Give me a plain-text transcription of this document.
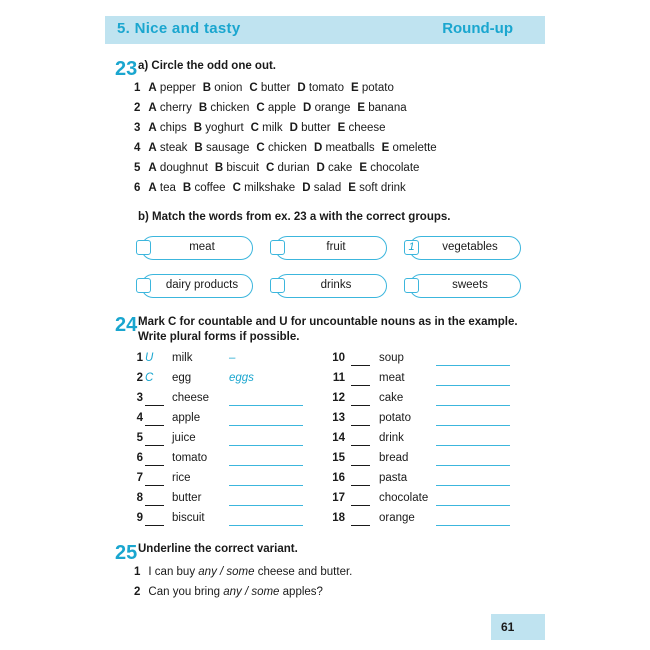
5. Nice and tasty	Round-up
23 a) Circle the odd one out.
1 A pepper B onion C butter D tomato E potato
2 A cherry B chicken C apple D orange E banana
3 A chips B yoghurt C milk D butter E cheese
4 A steak B sausage C chicken D meatballs E omelette
5 A doughnut B biscuit C durian D cake E chocolate
6 A tea B coffee C milkshake D salad E soft drink
b) Match the words from ex. 23 a with the correct groups.
meat	fruit	1	vegetables
dairy products	drinks	sweets
24 Mark C for countable and U for uncountable nouns as in the example.
Write plural forms if possible.
1 U	milk	–
2 C	egg	eggs
3	cheese
4	apple
5	juice
6	tomato
7	rice
8	butter
9	biscuit
10	soup
11	meat
12	cake
13	potato
14	drink
15	bread
16	pasta
17	chocolate
18	orange
25 Underline the correct variant.
1 I can buy any / some cheese and butter.
2 Can you bring any / some apples?
61
